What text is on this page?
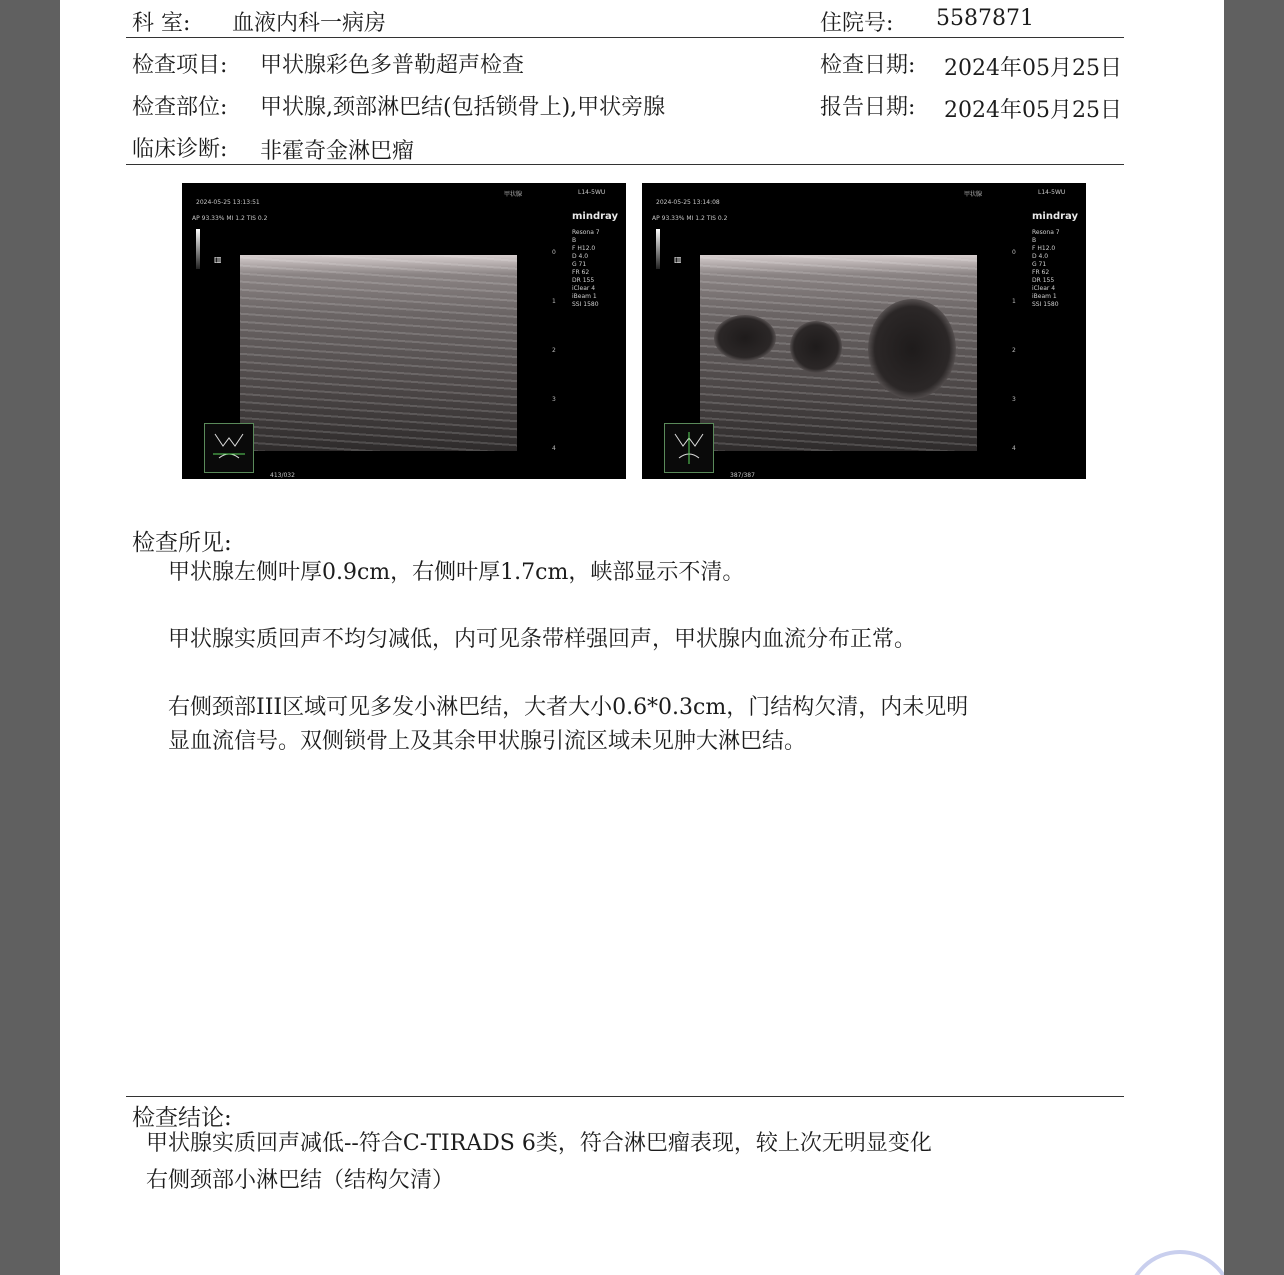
科 室: 血液内科一病房	住院号: 5587871
检查项目: 甲状腺彩色多普勒超声检查	检查日期: 2024年05月25日
检查部位: 甲状腺,颈部淋巴结(包括锁骨上),甲状旁腺	报告日期: 2024年05月25日
临床诊断: 非霍奇金淋巴瘤
2024-05-25 13:13:51
甲状腺	L14-5WU
AP 93.33% MI 1.2 TIS 0.2	mindray
Resona 7
B
F H12.0
D 4.0
G 71
FR 62
DR 155
iClear 4
iBeam 1
SSI 1580
▥
0
1
2
3
4
413/032
2024-05-25 13:14:08
甲状腺	L14-5WU
AP 93.33% MI 1.2 TIS 0.2	mindray
Resona 7
B
F H12.0
D 4.0
G 71
FR 62
DR 155
iClear 4
iBeam 1
SSI 1580
▥
0
1
2
3
4
387/387
检查所见:
甲状腺左侧叶厚0.9cm，右侧叶厚1.7cm，峡部显示不清。
甲状腺实质回声不均匀减低，内可见条带样强回声，甲状腺内血流分布正常。
右侧颈部III区域可见多发小淋巴结，大者大小0.6*0.3cm，门结构欠清，内未见明
显血流信号。双侧锁骨上及其余甲状腺引流区域未见肿大淋巴结。
检查结论:
甲状腺实质回声减低--符合C-TIRADS 6类，符合淋巴瘤表现，较上次无明显变化
右侧颈部小淋巴结（结构欠清）
